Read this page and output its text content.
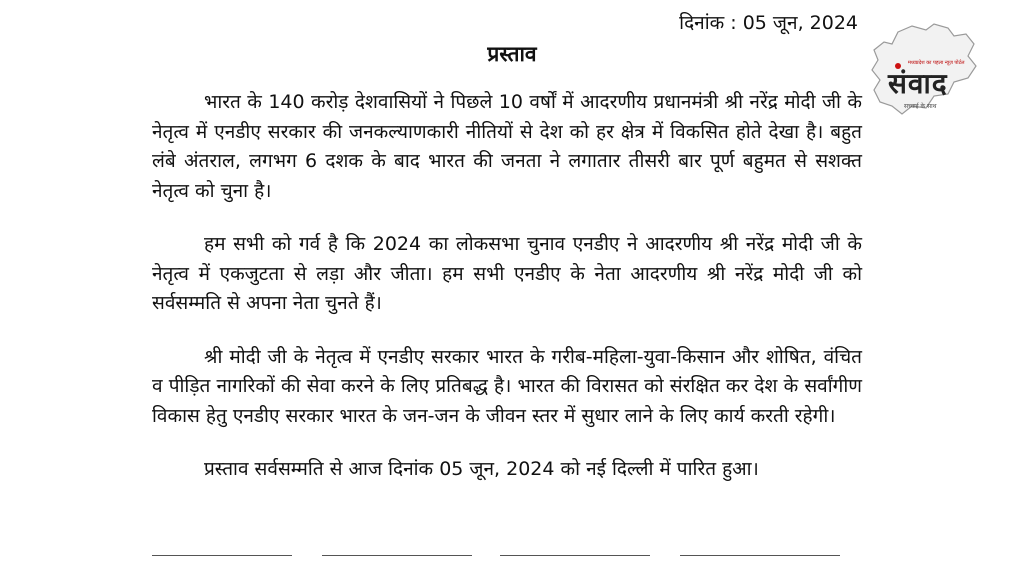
दिनांक : 05 जून, 2024
प्रस्ताव

भारत के 140 करोड़ देशवासियों ने पिछले 10 वर्षों में आदरणीय प्रधानमंत्री श्री नरेंद्र मोदी जी के नेतृत्व में एनडीए सरकार की जनकल्याणकारी नीतियों से देश को हर क्षेत्र में विकसित होते देखा है। बहुत लंबे अंतराल, लगभग 6 दशक के बाद भारत की जनता ने लगातार तीसरी बार पूर्ण बहुमत से सशक्त नेतृत्व को चुना है।

हम सभी को गर्व है कि 2024 का लोकसभा चुनाव एनडीए ने आदरणीय श्री नरेंद्र मोदी जी के नेतृत्व में एकजुटता से लड़ा और जीता। हम सभी एनडीए के नेता आदरणीय श्री नरेंद्र मोदी जी को सर्वसम्मति से अपना नेता चुनते हैं।

श्री मोदी जी के नेतृत्व में एनडीए सरकार भारत के गरीब-महिला-युवा-किसान और शोषित, वंचित व पीड़ित नागरिकों की सेवा करने के लिए प्रतिबद्ध है। भारत की विरासत को संरक्षित कर देश के सर्वांगीण विकास हेतु एनडीए सरकार भारत के जन-जन के जीवन स्तर में सुधार लाने के लिए कार्य करती रहेगी।

प्रस्ताव सर्वसम्मति से आज दिनांक 05 जून, 2024 को नई दिल्ली में पारित हुआ।

मध्यप्रदेश का पहला न्यूज़ पोर्टल
संवाद
सच्चाई के साथ
